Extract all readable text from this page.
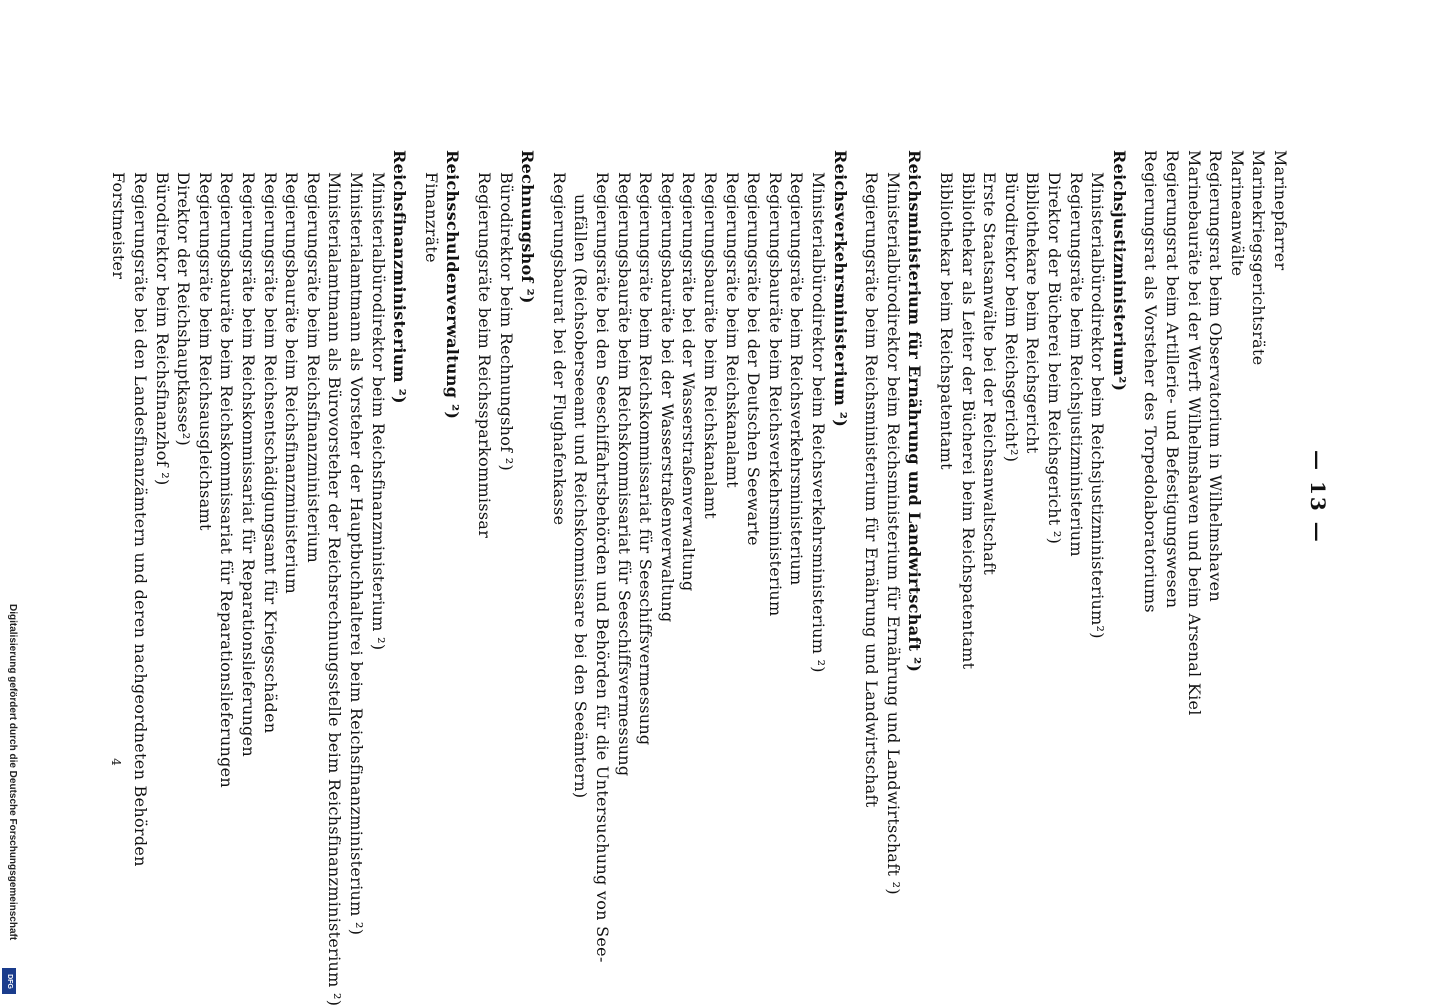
— 13 —
Marinepfarrer
Marinekriegsgerichtsräte
Marineanwälte
Regierungsrat beim Observatorium in Wilhelmshaven
Marinebauräte bei der Werft Wilhelmshaven und beim Arsenal Kiel
Regierungsrat beim Artillerie- und Befestigungswesen
Regierungsrat als Vorsteher des Torpedolaboratoriums
Reichsjustizministerium²)
Ministerialbürodirektor beim Reichsjustizministerium²)
Regierungsräte beim Reichsjustizministerium
Direktor der Bücherei beim Reichsgericht ²)
Bibliothekare beim Reichsgericht
Bürodirektor beim Reichsgericht²)
Erste Staatsanwälte bei der Reichsanwaltschaft
Bibliothekar als Leiter der Bücherei beim Reichspatentamt
Bibliothekar beim Reichspatentamt
Reichsministerium für Ernährung und Landwirtschaft ²)
Ministerialbürodirektor beim Reichsministerium für Ernährung und Landwirtschaft ²)
Regierungsräte beim Reichsministerium für Ernährung und Landwirtschaft
Reichsverkehrsministerium ²)
Ministerialbürodirektor beim Reichsverkehrsministerium ²)
Regierungsräte beim Reichsverkehrsministerium
Regierungsbauräte beim Reichsverkehrsministerium
Regierungsräte bei der Deutschen Seewarte
Regierungsräte beim Reichskanalamt
Regierungsbauräte beim Reichskanalamt
Regierungsräte bei der Wasserstraßenverwaltung
Regierungsbauräte bei der Wasserstraßenverwaltung
Regierungsräte beim Reichskommissariat für Seeschiffsvermessung
Regierungsbauräte beim Reichskommissariat für Seeschiffsvermessung
Regierungsräte bei den Seeschiffahrtsbehörden und Behörden für die Untersuchung von See-
unfällen (Reichsoberseeamt und Reichskommissare bei den Seeämtern)
Regierungsbaurat bei der Flughafenkasse
Rechnungshof ²)
Bürodirektor beim Rechnungshof ²)
Regierungsräte beim Reichssparkommissar
Reichsschuldenverwaltung ²)
Finanzräte
Reichsfinanzministerium ²)
Ministerialbürodirektor beim Reichsfinanzministerium ²)
Ministerialamtmann als Vorsteher der Hauptbuchhalterei beim Reichsfinanzministerium ²)
Ministerialamtmann als Bürovorsteher der Reichsrechnungsstelle beim Reichsfinanzministerium ²)
Regierungsräte beim Reichsfinanzministerium
Regierungsbauräte beim Reichsfinanzministerium
Regierungsräte beim Reichsentschädigungsamt für Kriegsschäden
Regierungsräte beim Reichskommissariat für Reparationslieferungen
Regierungsbauräte beim Reichskommissariat für Reparationslieferungen
Regierungsräte beim Reichsausgleichsamt
Direktor der Reichshauptkasse²)
Bürodirektor beim Reichsfinanzhof ²)
Regierungsräte bei den Landesfinanzämtern und deren nachgeordneten Behörden
Forstmeister
4
Digitalisierung gefördert durch die Deutsche Forschungsgemeinschaft
DFG
